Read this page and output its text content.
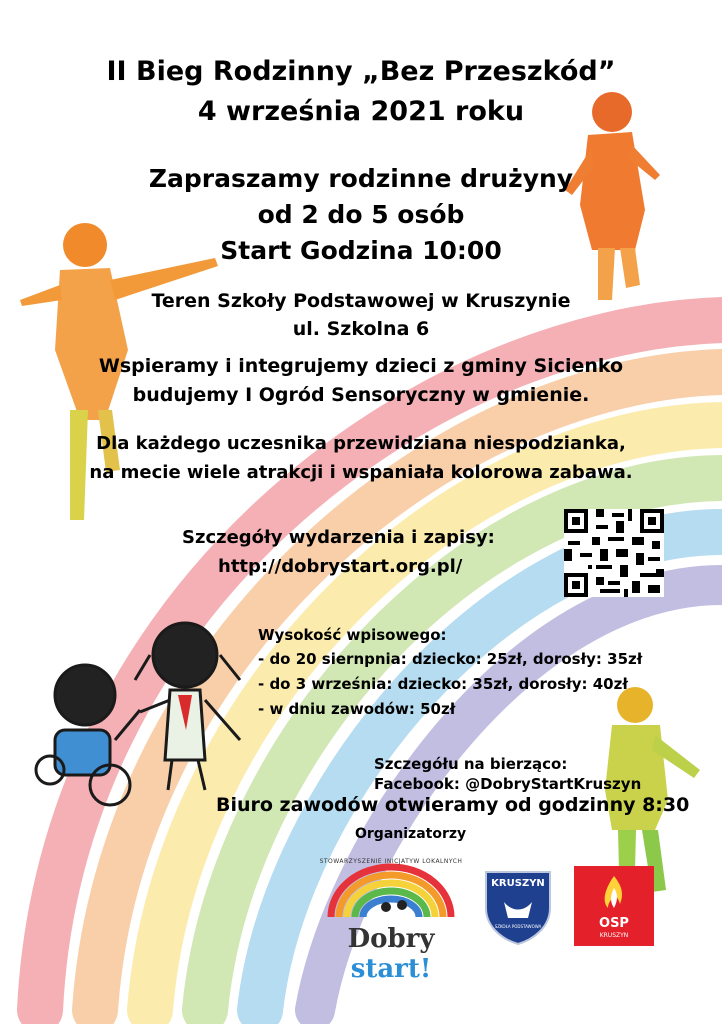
II Bieg Rodzinny „Bez Przeszkód”
4 września 2021 roku
Zapraszamy rodzinne drużyny
od 2 do 5 osób
Start Godzina 10:00
Teren Szkoły Podstawowej w Kruszynie
ul. Szkolna 6
Wspieramy i integrujemy dzieci z gminy Sicienko
budujemy I Ogród Sensoryczny w gmienie.
Dla każdego uczesnika przewidziana niespodzianka,
na mecie wiele atrakcji i wspaniała kolorowa zabawa.
Szczegóły wydarzenia i zapisy:
http://dobrystart.org.pl/
Wysokość wpisowego:
- do 20 siernpnia: dziecko: 25zł, dorosły: 35zł
- do 3 września: dziecko: 35zł, dorosły: 40zł
- w dniu zawodów: 50zł
Szczegółu na bierząco:
Facebook: @DobryStartKruszyn
Biuro zawodów otwieramy od godzinny 8:30
Organizatorzy
STOWARZYSZENIE INICJATYW LOKALNYCH
Dobry start!
KRUSZYN
SZKOŁA PODSTAWOWA	OSP
KRUSZYN
